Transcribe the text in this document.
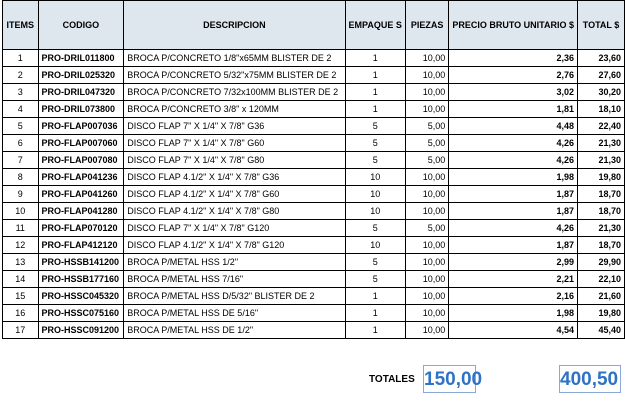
ITEMS	CODIGO	DESCRIPCION	EMPAQUE S	PIEZAS	PRECIO BRUTO UNITARIO $	TOTAL $
1	PRO-DRIL011800	BROCA P/CONCRETO 1/8"x65MM BLISTER DE 2	1	10,00	2,36	23,60
2	PRO-DRIL025320	BROCA P/CONCRETO 5/32"x75MM BLISTER DE 2	1	10,00	2,76	27,60
3	PRO-DRIL047320	BROCA P/CONCRETO 7/32x100MM BLISTER DE 2	1	10,00	3,02	30,20
4	PRO-DRIL073800	BROCA P/CONCRETO 3/8" x 120MM	1	10,00	1,81	18,10
5	PRO-FLAP007036	DISCO FLAP 7" X 1/4" X 7/8" G36	5	5,00	4,48	22,40
6	PRO-FLAP007060	DISCO FLAP 7" X 1/4" X 7/8" G60	5	5,00	4,26	21,30
7	PRO-FLAP007080	DISCO FLAP 7" X 1/4" X 7/8" G80	5	5,00	4,26	21,30
8	PRO-FLAP041236	DISCO FLAP 4.1/2" X 1/4" X 7/8" G36	10	10,00	1,98	19,80
9	PRO-FLAP041260	DISCO FLAP 4.1/2" X 1/4" X 7/8" G60	10	10,00	1,87	18,70
10	PRO-FLAP041280	DISCO FLAP 4.1/2" X 1/4" X 7/8" G80	10	10,00	1,87	18,70
11	PRO-FLAP070120	DISCO FLAP 7" X 1/4" X 7/8" G120	5	5,00	4,26	21,30
12	PRO-FLAP412120	DISCO FLAP 4.1/2" X 1/4" X 7/8" G120	10	10,00	1,87	18,70
13	PRO-HSSB141200	BROCA P/METAL HSS 1/2"	5	10,00	2,99	29,90
14	PRO-HSSB177160	BROCA P/METAL HSS 7/16"	5	10,00	2,21	22,10
15	PRO-HSSC045320	BROCA P/METAL HSS D/5/32" BLISTER DE 2	1	10,00	2,16	21,60
16	PRO-HSSC075160	BROCA P/METAL HSS DE 5/16"	1	10,00	1,98	19,80
17	PRO-HSSC091200	BROCA P/METAL HSS DE 1/2"	1	10,00	4,54	45,40
TOTALES 150,00	400,50
